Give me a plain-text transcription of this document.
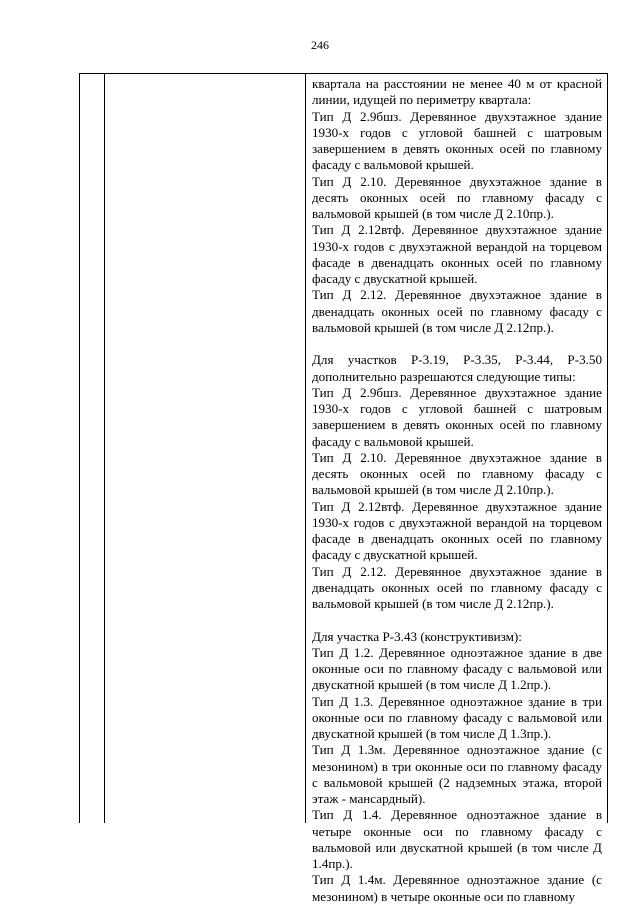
246

квартала на расстоянии не менее 40 м от красной линии, идущей по периметру квартала:

Тип Д 2.9бшз. Деревянное двухэтажное здание 1930-х годов с угловой башней с шатровым завершением в девять оконных осей по главному фасаду с вальмовой крышей.

Тип Д 2.10. Деревянное двухэтажное здание в десять оконных осей по главному фасаду с вальмовой крышей (в том числе Д 2.10пр.).

Тип Д 2.12втф. Деревянное двухэтажное здание 1930-х годов с двухэтажной верандой на торцевом фасаде в двенадцать оконных осей по главному фасаду с двускатной крышей.

Тип Д 2.12. Деревянное двухэтажное здание в двенадцать оконных осей по главному фасаду с вальмовой крышей (в том числе Д 2.12пр.).

Для участков Р-3.19, Р-3.35, Р-3.44, Р-3.50 дополнительно разрешаются следующие типы:

Тип Д 2.9бшз. Деревянное двухэтажное здание 1930-х годов с угловой башней с шатровым завершением в девять оконных осей по главному фасаду с вальмовой крышей.

Тип Д 2.10. Деревянное двухэтажное здание в десять оконных осей по главному фасаду с вальмовой крышей (в том числе Д 2.10пр.).

Тип Д 2.12втф. Деревянное двухэтажное здание 1930-х годов с двухэтажной верандой на торцевом фасаде в двенадцать оконных осей по главному фасаду с двускатной крышей.

Тип Д 2.12. Деревянное двухэтажное здание в двенадцать оконных осей по главному фасаду с вальмовой крышей (в том числе Д 2.12пр.).

Для участка Р-3.43 (конструктивизм):

Тип Д 1.2. Деревянное одноэтажное здание в две оконные оси по главному фасаду с вальмовой или двускатной крышей (в том числе Д 1.2пр.).

Тип Д 1.3. Деревянное одноэтажное здание в три оконные оси по главному фасаду с вальмовой или двускатной крышей (в том числе Д 1.3пр.).

Тип Д 1.3м. Деревянное одноэтажное здание (с мезонином) в три оконные оси по главному фасаду с вальмовой крышей (2 надземных этажа, второй этаж - мансардный).

Тип Д 1.4. Деревянное одноэтажное здание в четыре оконные оси по главному фасаду с вальмовой или двускатной крышей (в том числе Д 1.4пр.).

Тип Д 1.4м. Деревянное одноэтажное здание (с мезонином) в четыре оконные оси по главному
